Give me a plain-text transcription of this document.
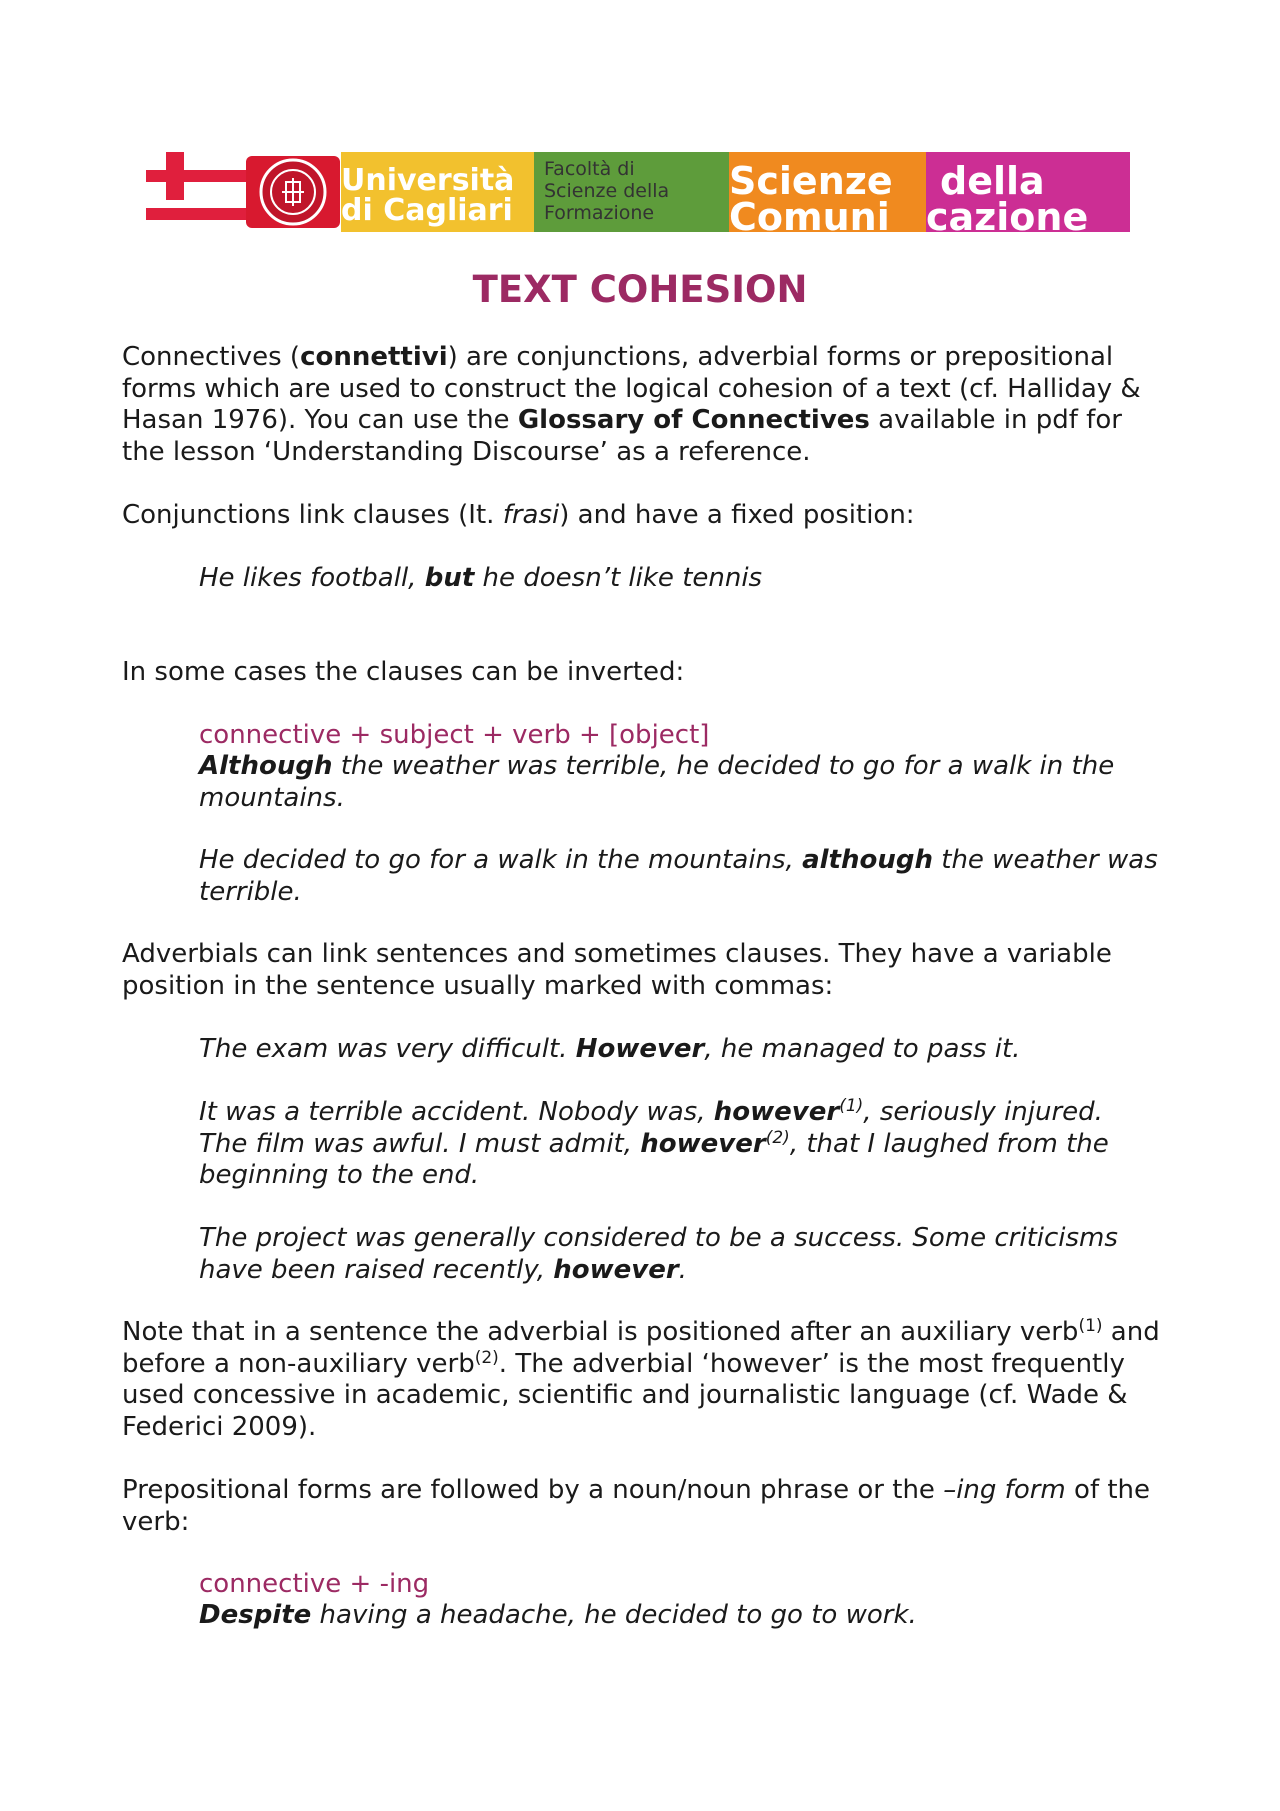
Università
di Cagliari
Facoltà di
Scienze della
Formazione
Scienze
Comuni
della
cazione
TEXT COHESION

Connectives (connettivi) are conjunctions, adverbial forms or prepositional forms which are used to construct the logical cohesion of a text (cf. Halliday & Hasan 1976). You can use the Glossary of Connectives available in pdf for the lesson ‘Understanding Discourse’ as a reference.

Conjunctions link clauses (It. frasi) and have a fixed position:

He likes football, but he doesn’t like tennis

In some cases the clauses can be inverted:

connective + subject + verb + [object]

Although the weather was terrible, he decided to go for a walk in the mountains.

He decided to go for a walk in the mountains, although the weather was terrible.

Adverbials can link sentences and sometimes clauses. They have a variable position in the sentence usually marked with commas:

The exam was very difficult. However, he managed to pass it.

It was a terrible accident. Nobody was, however$^{(1)}$, seriously injured.
The film was awful. I must admit, however$^{(2)}$, that I laughed from the beginning to the end.

The project was generally considered to be a success. Some criticisms have been raised recently, however.

Note that in a sentence the adverbial is positioned after an auxiliary verb$^{(1)}$ and before a non-auxiliary verb$^{(2)}$. The adverbial ‘however’ is the most frequently used concessive in academic, scientific and journalistic language (cf. Wade & Federici 2009).

Prepositional forms are followed by a noun/noun phrase or the –ing form of the verb:

connective + -ing

Despite having a headache, he decided to go to work.
